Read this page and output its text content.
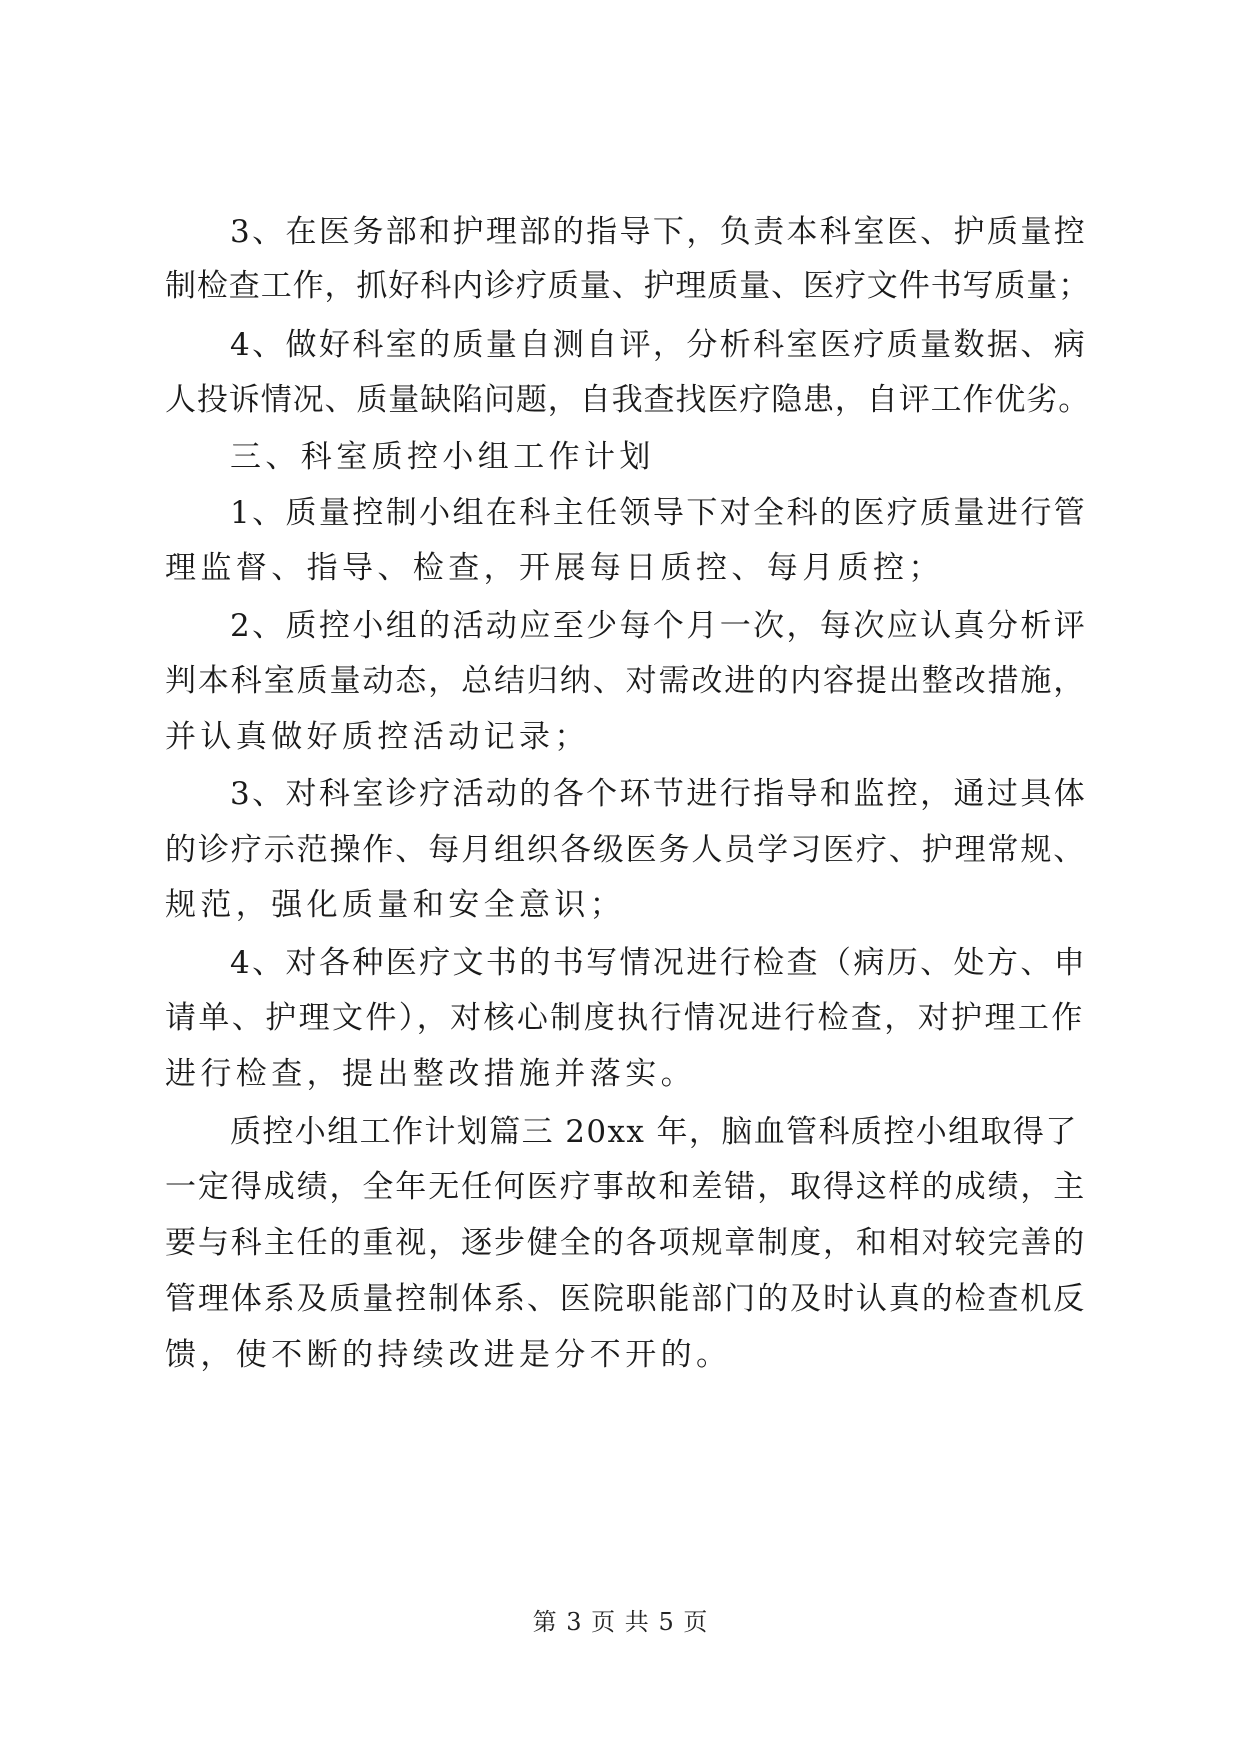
3、在医务部和护理部的指导下，负责本科室医、护质量控
制检查工作，抓好科内诊疗质量、护理质量、医疗文件书写质量；
4、做好科室的质量自测自评，分析科室医疗质量数据、病
人投诉情况、质量缺陷问题，自我查找医疗隐患，自评工作优劣。
三、科室质控小组工作计划
1、质量控制小组在科主任领导下对全科的医疗质量进行管
理监督、指导、检查，开展每日质控、每月质控；
2、质控小组的活动应至少每个月一次，每次应认真分析评
判本科室质量动态，总结归纳、对需改进的内容提出整改措施，
并认真做好质控活动记录；
3、对科室诊疗活动的各个环节进行指导和监控，通过具体
的诊疗示范操作、每月组织各级医务人员学习医疗、护理常规、
规范，强化质量和安全意识；
4、对各种医疗文书的书写情况进行检查（病历、处方、申
请单、护理文件），对核心制度执行情况进行检查，对护理工作
进行检查，提出整改措施并落实。
质控小组工作计划篇三 20xx 年，脑血管科质控小组取得了
一定得成绩，全年无任何医疗事故和差错，取得这样的成绩，主
要与科主任的重视，逐步健全的各项规章制度，和相对较完善的
管理体系及质量控制体系、医院职能部门的及时认真的检查机反
馈，使不断的持续改进是分不开的。
第 3 页 共 5 页
